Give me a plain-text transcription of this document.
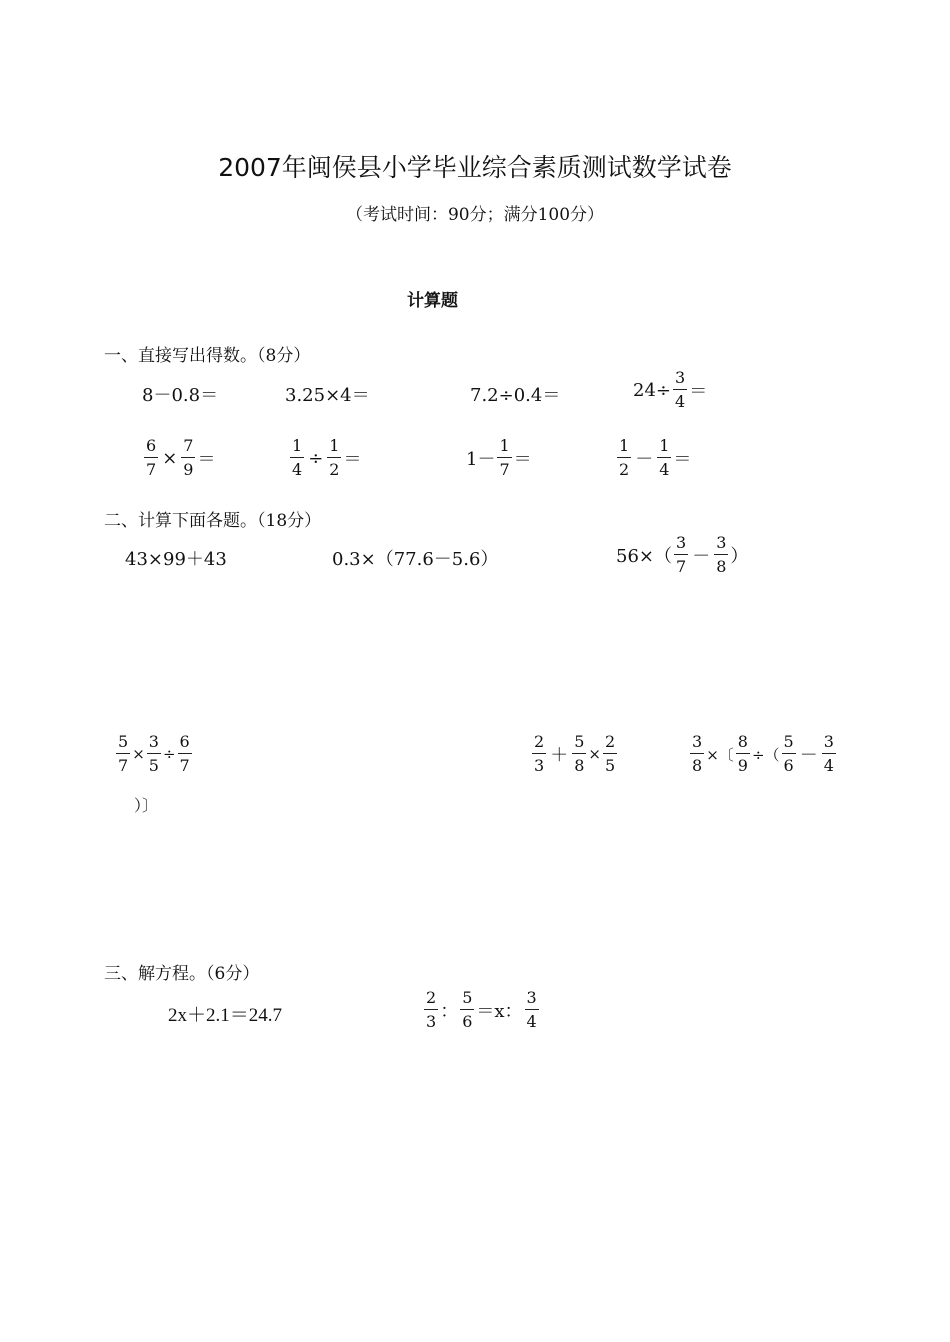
2007年闽侯县小学毕业综合素质测试数学试卷
（考试时间：90分；满分100分）
计算题
一、直接写出得数。（8分）
8－0.8＝	3.25×4＝	7.2÷0.4＝	$24\div \frac{3}{4}$ ＝
$\frac{6}{7} \times \frac{7}{9}$ ＝	$\frac{1}{4} \div \frac{1}{2}$ ＝	$1- \frac{1}{7}$ ＝	$\frac{1}{2} - \frac{1}{4}$ ＝
二、计算下面各题。（18分）
43×99＋43	0.3×（77.6－5.6）	$56\times( \frac{3}{7} - \frac{3}{8}$ ）
$\frac{5}{7} \times \frac{3}{5} \div \frac{6}{7}$
）〕
$\frac{2}{3} + \frac{5}{8} \times \frac{2}{5}$	$\frac{3}{8}$ ×〔 $\frac{8}{9}$ ÷（ $\frac{5}{6} - \frac{3}{4}$
三、解方程。（6分）
2x＋2.1＝24.7	$\frac{2}{3}$ ： $\frac{5}{6} =x$： $\frac{3}{4}$
